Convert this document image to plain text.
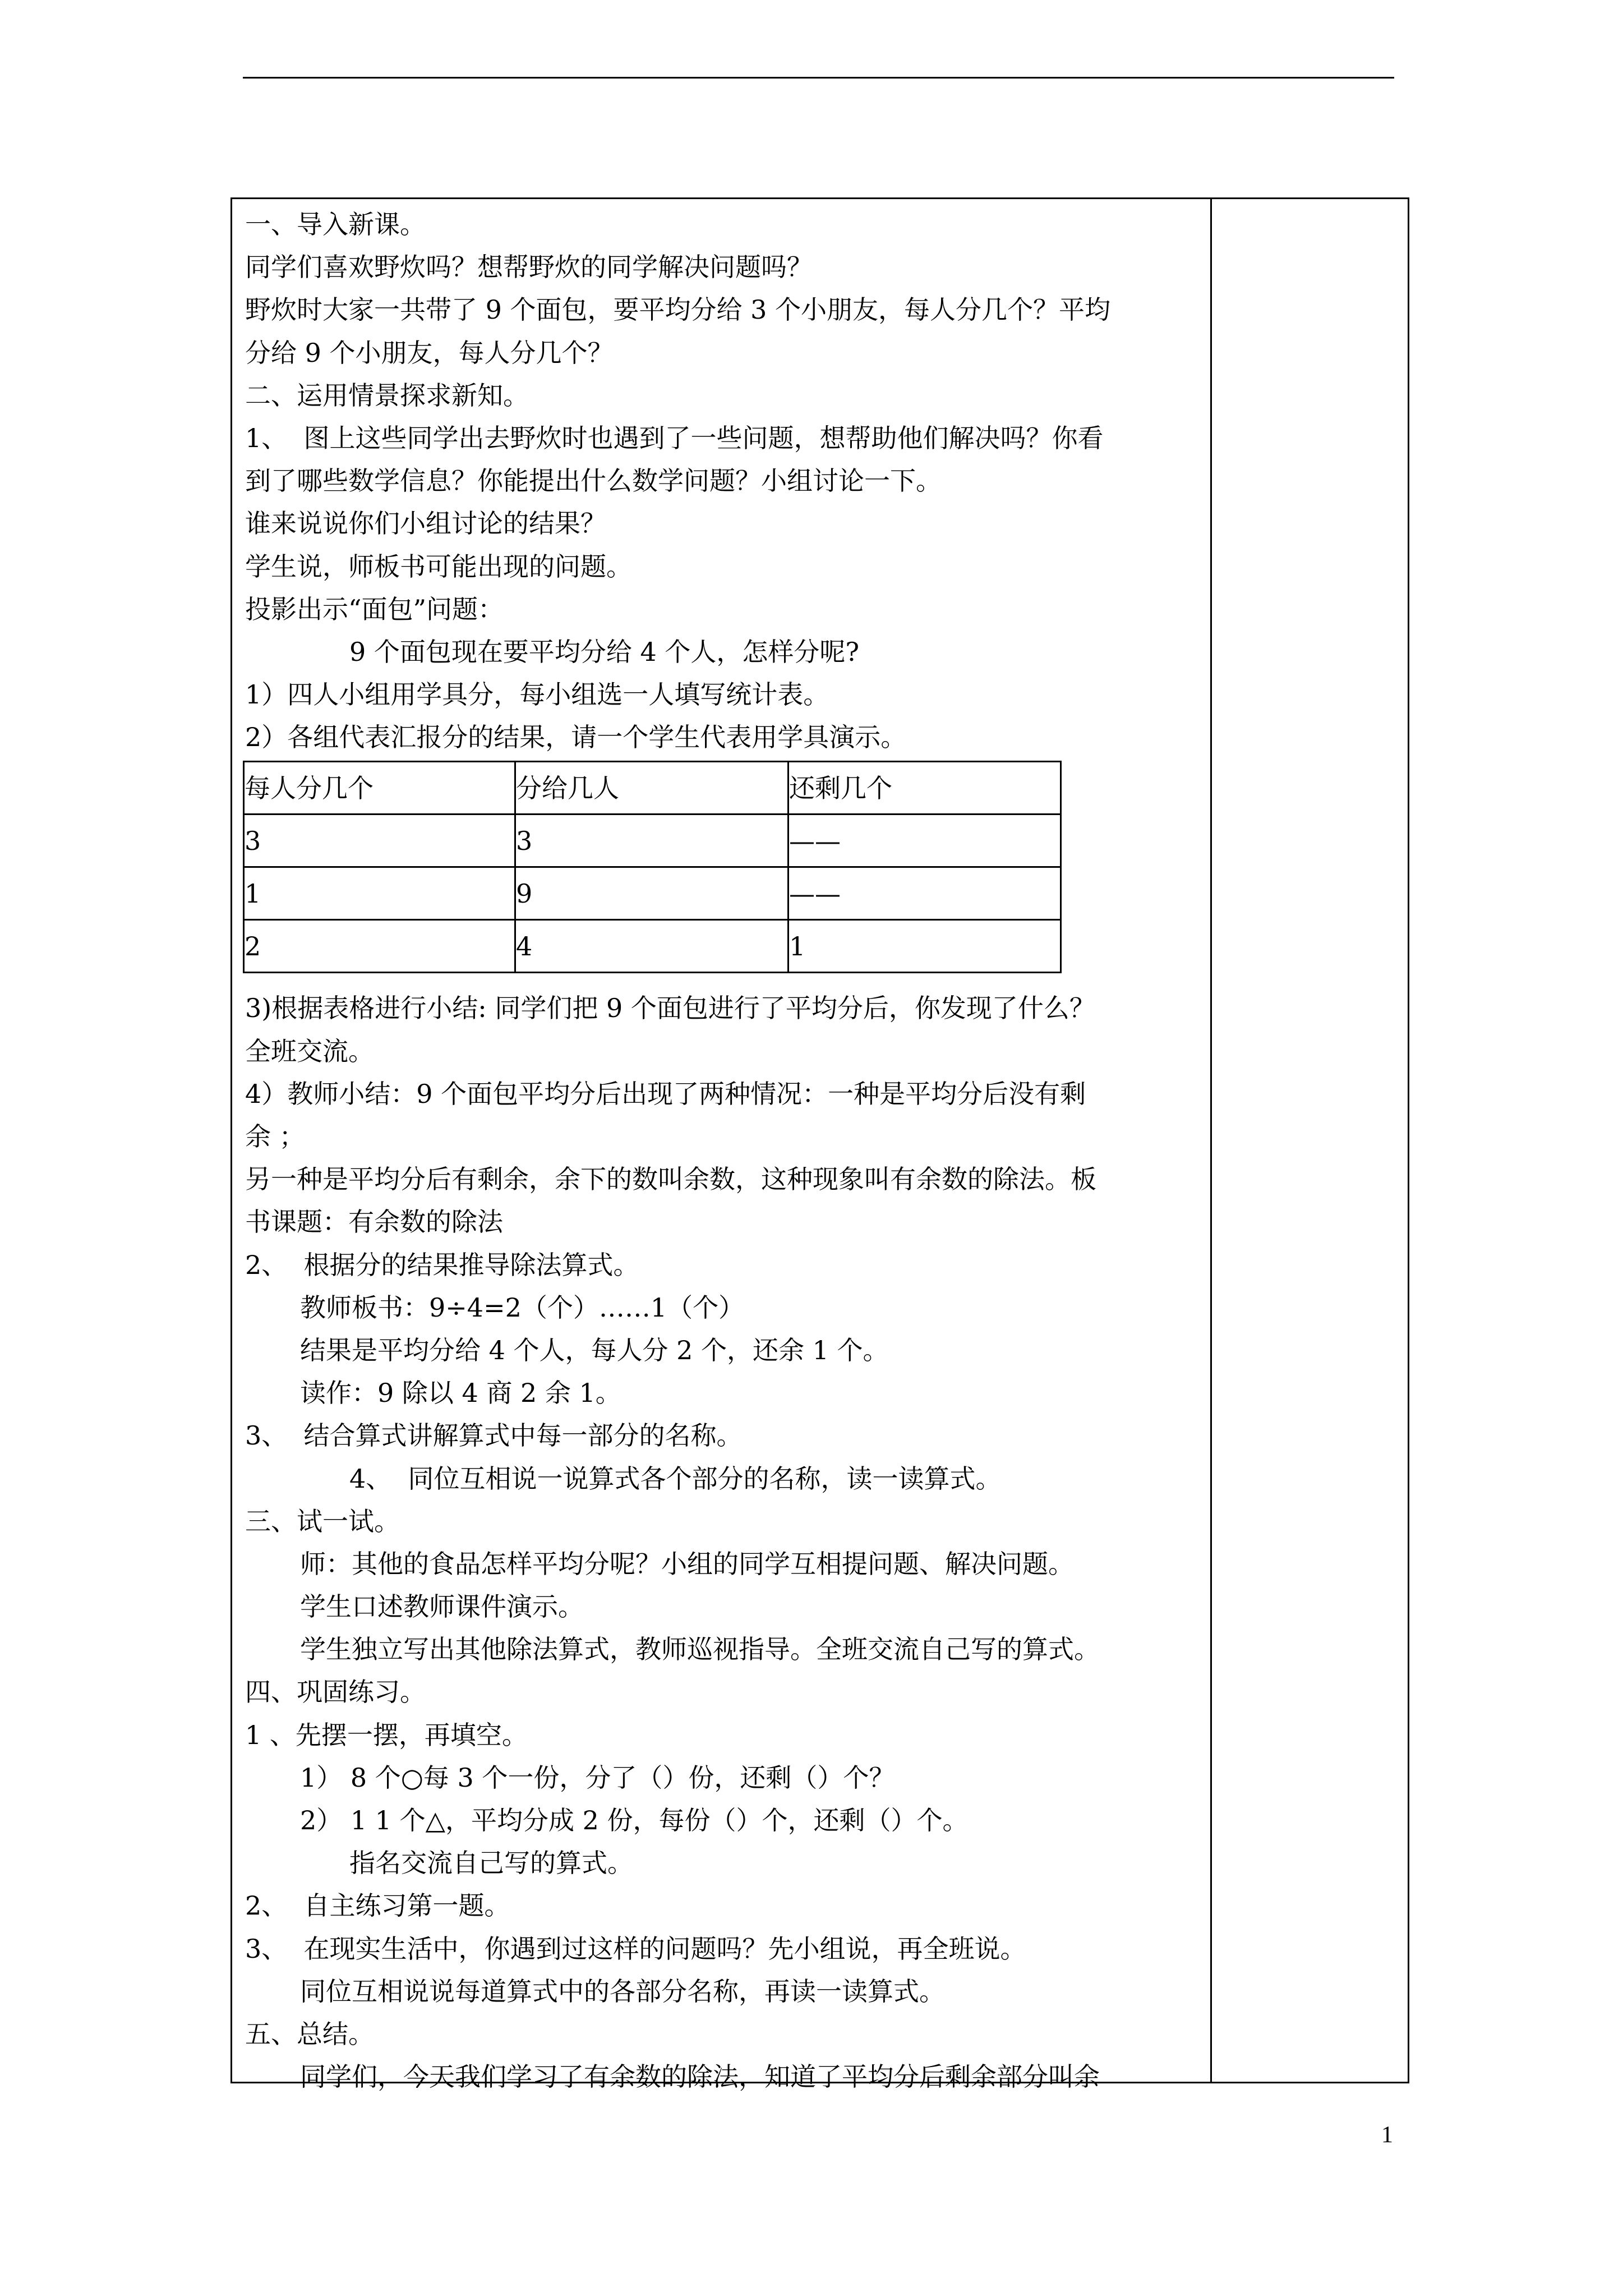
一、导入新课。
同学们喜欢野炊吗？想帮野炊的同学解决问题吗？
野炊时大家一共带了 9 个面包，要平均分给 3 个小朋友，每人分几个？平均
分给 9 个小朋友，每人分几个？
二、运用情景探求新知。
1、  图上这些同学出去野炊时也遇到了一些问题，想帮助他们解决吗？你看
到了哪些数学信息？你能提出什么数学问题？小组讨论一下。
谁来说说你们小组讨论的结果？
学生说，师板书可能出现的问题。
投影出示“面包”问题：
9 个面包现在要平均分给 4 个人，怎样分呢?
1）四人小组用学具分，每小组选一人填写统计表。
2）各组代表汇报分的结果，请一个学生代表用学具演示。
每人分几个	分给几人	还剩几个
3	3	——
1	9	——
2	4	1
3)根据表格进行小结: 同学们把 9 个面包进行了平均分后，你发现了什么？
全班交流。
4）教师小结：9 个面包平均分后出现了两种情况：一种是平均分后没有剩
余 ；
另一种是平均分后有剩余，余下的数叫余数，这种现象叫有余数的除法。板
书课题：有余数的除法
2、  根据分的结果推导除法算式。
教师板书：9÷4=2（个）……1（个）
结果是平均分给 4 个人，每人分 2 个，还余 1 个。
读作：9 除以 4 商 2 余 1。
3、  结合算式讲解算式中每一部分的名称。
4、  同位互相说一说算式各个部分的名称，读一读算式。
三、试一试。
师：其他的食品怎样平均分呢？小组的同学互相提问题、解决问题。
学生口述教师课件演示。
学生独立写出其他除法算式，教师巡视指导。全班交流自己写的算式。
四、巩固练习。
1 、先摆一摆，再填空。
1） 8 个○每 3 个一份，分了（）份，还剩（）个？
2） 1 1 个△，平均分成 2 份，每份（）个，还剩（）个。
指名交流自己写的算式。
2、  自主练习第一题。
3、  在现实生活中，你遇到过这样的问题吗？先小组说，再全班说。
同位互相说说每道算式中的各部分名称，再读一读算式。
五、总结。
同学们，今天我们学习了有余数的除法，知道了平均分后剩余部分叫余
1
